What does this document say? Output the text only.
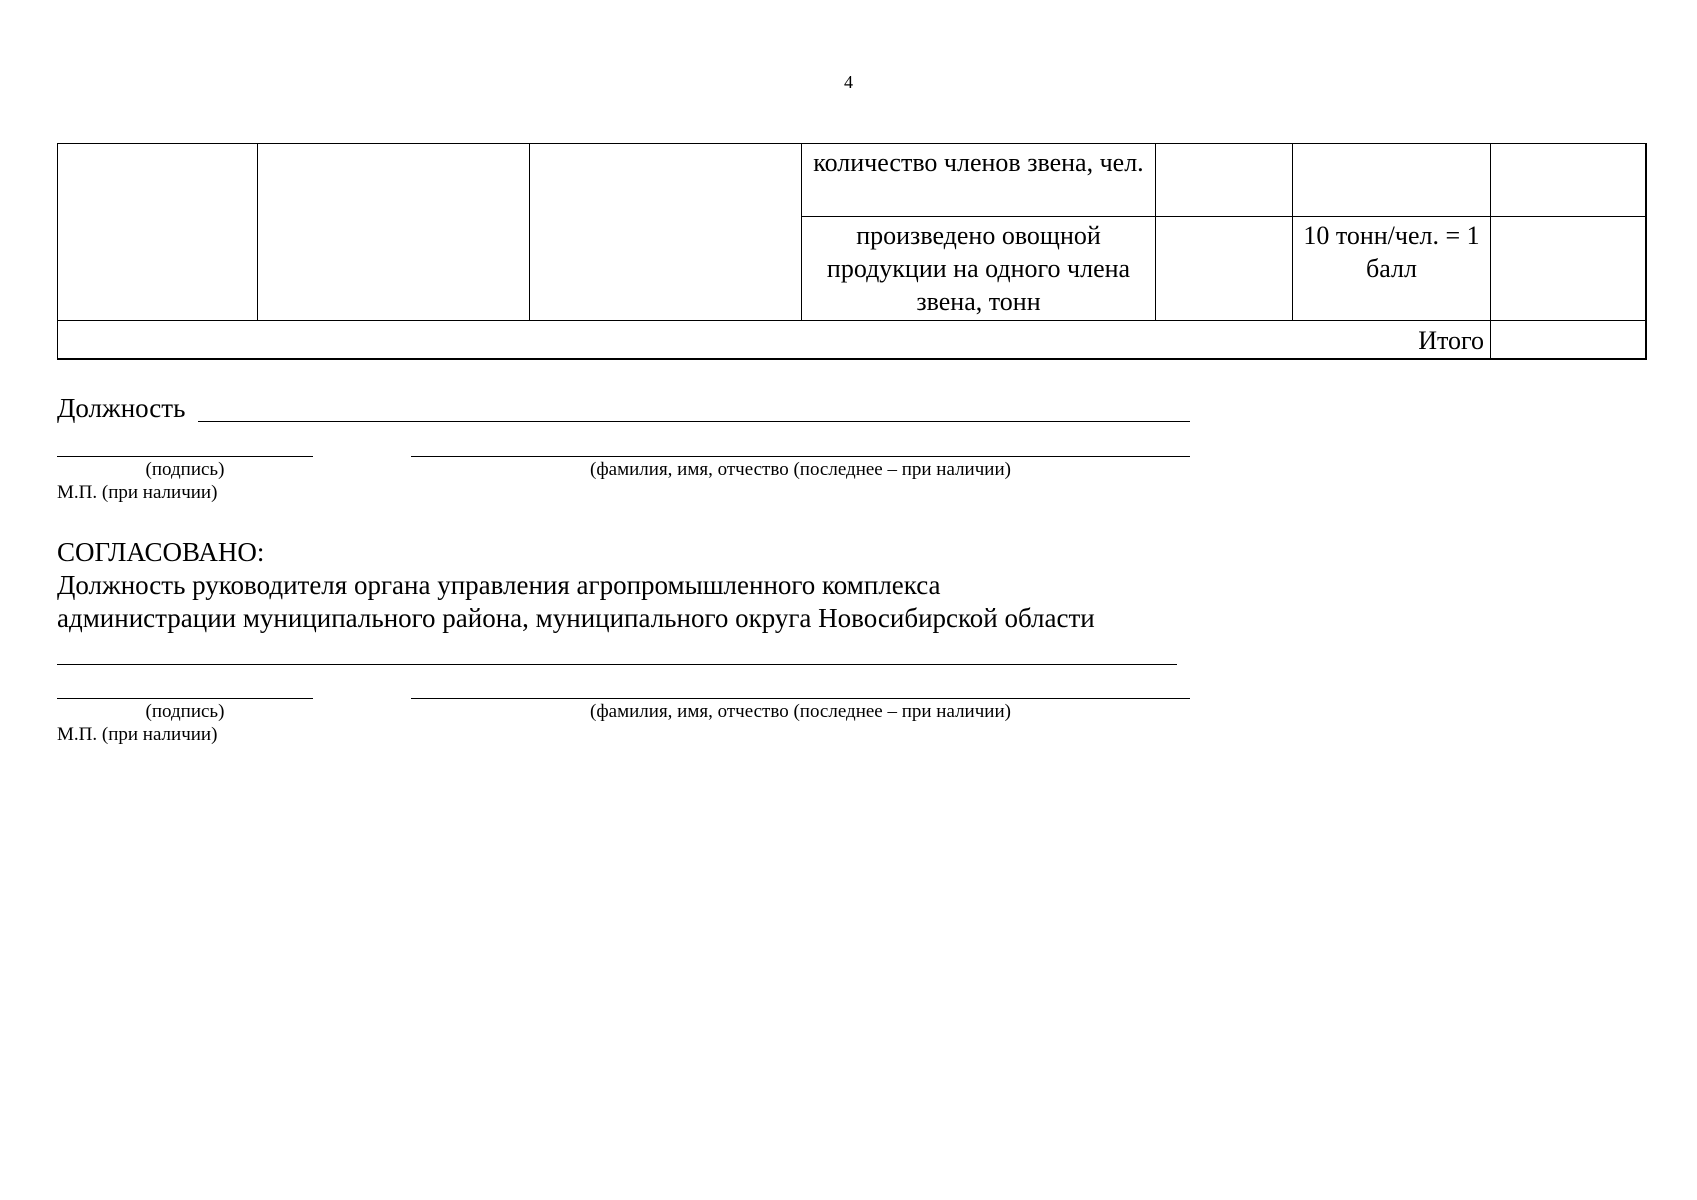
4
			количество членов звена, чел.			
			произведено овощной продукции на одного члена звена, тонн		10 тонн/чел. = 1 балл	
Итого						
Должность
(подпись)	(фамилия, имя, отчество (последнее – при наличии)
М.П. (при наличии)
СОГЛАСОВАНО:
Должность руководителя органа управления агропромышленного комплекса
администрации муниципального района, муниципального округа Новосибирской области
(подпись)	(фамилия, имя, отчество (последнее – при наличии)
М.П. (при наличии)
